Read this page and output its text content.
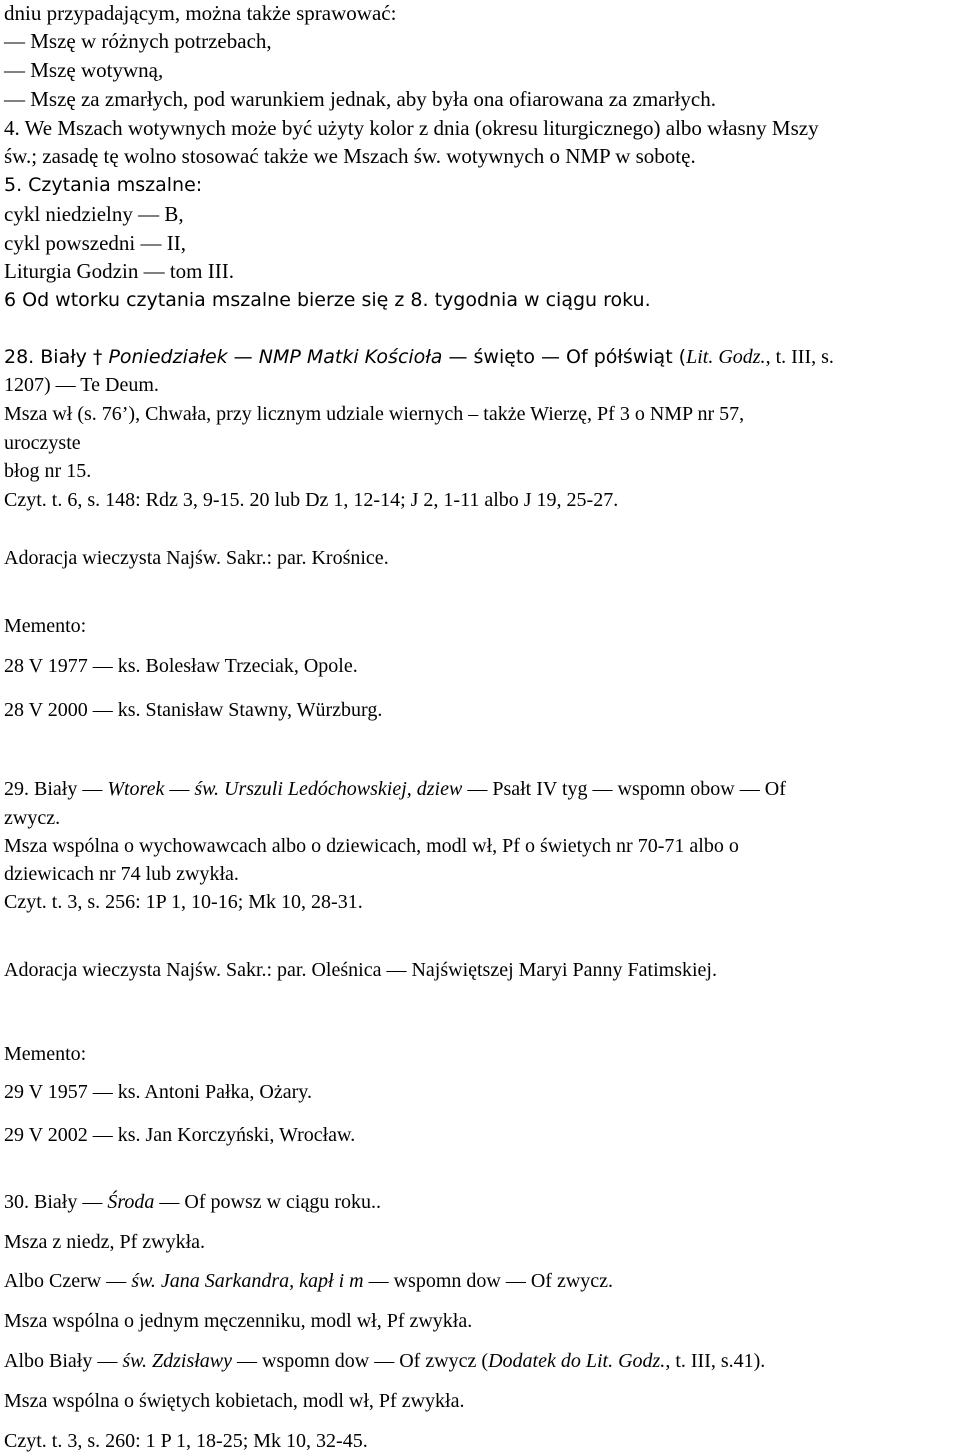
dniu przypadającym, można także sprawować:
— Mszę w różnych potrzebach,
— Mszę wotywną,
— Mszę za zmarłych, pod warunkiem jednak, aby była ona ofiarowana za zmarłych.
4. We Mszach wotywnych może być użyty kolor z dnia (okresu liturgicznego) albo własny Mszy
św.; zasadę tę wolno stosować także we Mszach św. wotywnych o NMP w sobotę.
5. Czytania mszalne:
cykl niedzielny — B,
cykl powszedni — II,
Liturgia Godzin — tom III.
6 Od wtorku czytania mszalne bierze się z 8. tygodnia w ciągu roku.
28. Biały † Poniedziałek — NMP Matki Kościoła — święto — Of półświąt (Lit. Godz., t. III, s.
1207) — Te Deum.
Msza wł (s. 76’), Chwała, przy licznym udziale wiernych – także Wierzę, Pf 3 o NMP nr 57,
uroczyste
błog nr 15.
Czyt. t. 6, s. 148: Rdz 3, 9-15. 20 lub Dz 1, 12-14; J 2, 1-11 albo J 19, 25-27.
Adoracja wieczysta Najśw. Sakr.: par. Krośnice.
Memento:
28 V 1977 — ks. Bolesław Trzeciak, Opole.
28 V 2000 — ks. Stanisław Stawny, Würzburg.
29. Biały — Wtorek — św. Urszuli Ledóchowskiej, dziew — Psałt IV tyg — wspomn obow — Of
zwycz.
Msza wspólna o wychowawcach albo o dziewicach, modl wł, Pf o świetych nr 70-71 albo o
dziewicach nr 74 lub zwykła.
Czyt. t. 3, s. 256: 1P 1, 10-16; Mk 10, 28-31.
Adoracja wieczysta Najśw. Sakr.: par. Oleśnica — Najświętszej Maryi Panny Fatimskiej.
Memento:
29 V 1957 — ks. Antoni Pałka, Ożary.
29 V 2002 — ks. Jan Korczyński, Wrocław.
30. Biały — Środa — Of powsz w ciągu roku..
Msza z niedz, Pf zwykła.
Albo Czerw — św. Jana Sarkandra, kapł i m — wspomn dow — Of zwycz.
Msza wspólna o jednym męczenniku, modl wł, Pf zwykła.
Albo Biały — św. Zdzisławy — wspomn dow — Of zwycz (Dodatek do Lit. Godz., t. III, s.41).
Msza wspólna o świętych kobietach, modl wł, Pf zwykła.
Czyt. t. 3, s. 260: 1 P 1, 18-25; Mk 10, 32-45.
